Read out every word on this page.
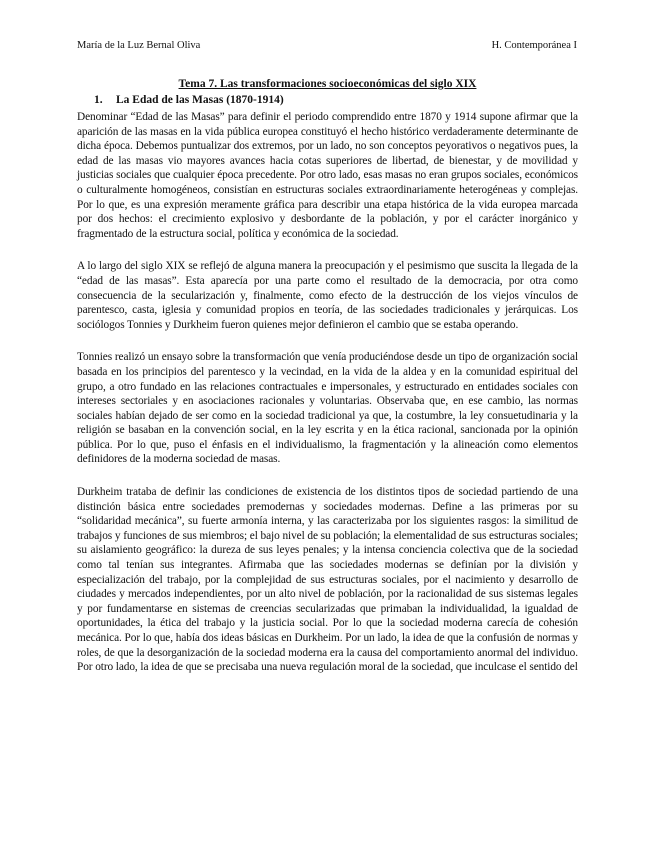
María de la Luz Bernal Oliva	H. Contemporánea I
Tema 7. Las transformaciones socioeconómicas del siglo XIX
1. La Edad de las Masas (1870-1914)

Denominar “Edad de las Masas” para definir el periodo comprendido entre 1870 y 1914 supone afirmar que la aparición de las masas en la vida pública europea constituyó el hecho histórico verdaderamente determinante de dicha época. Debemos puntualizar dos extremos, por un lado, no son conceptos peyorativos o negativos pues, la edad de las masas vio mayores avances hacia cotas superiores de libertad, de bienestar, y de movilidad y justicias sociales que cualquier época precedente. Por otro lado, esas masas no eran grupos sociales, económicos o culturalmente homogéneos, consistían en estructuras sociales extraordinariamente heterogéneas y complejas. Por lo que, es una expresión meramente gráfica para describir una etapa histórica de la vida europea marcada por dos hechos: el crecimiento explosivo y desbordante de la población, y por el carácter inorgánico y fragmentado de la estructura social, política y económica de la sociedad.

A lo largo del siglo XIX se reflejó de alguna manera la preocupación y el pesimismo que suscita la llegada de la “edad de las masas”. Esta aparecía por una parte como el resultado de la democracia, por otra como consecuencia de la secularización y, finalmente, como efecto de la destrucción de los viejos vínculos de parentesco, casta, iglesia y comunidad propios en teoría, de las sociedades tradicionales y jerárquicas. Los sociólogos Tonnies y Durkheim fueron quienes mejor definieron el cambio que se estaba operando.

Tonnies realizó un ensayo sobre la transformación que venía produciéndose desde un tipo de organización social basada en los principios del parentesco y la vecindad, en la vida de la aldea y en la comunidad espiritual del grupo, a otro fundado en las relaciones contractuales e impersonales, y estructurado en entidades sociales con intereses sectoriales y en asociaciones racionales y voluntarias. Observaba que, en ese cambio, las normas sociales habían dejado de ser como en la sociedad tradicional ya que, la costumbre, la ley consuetudinaria y la religión se basaban en la convención social, en la ley escrita y en la ética racional, sancionada por la opinión pública. Por lo que, puso el énfasis en el individualismo, la fragmentación y la alineación como elementos definidores de la moderna sociedad de masas.

Durkheim trataba de definir las condiciones de existencia de los distintos tipos de sociedad partiendo de una distinción básica entre sociedades premodernas y sociedades modernas. Define a las primeras por su “solidaridad mecánica”, su fuerte armonía interna, y las caracterizaba por los siguientes rasgos: la similitud de trabajos y funciones de sus miembros; el bajo nivel de su población; la elementalidad de sus estructuras sociales; su aislamiento geográfico: la dureza de sus leyes penales; y la intensa conciencia colectiva que de la sociedad como tal tenían sus integrantes. Afirmaba que las sociedades modernas se definían por la división y especialización del trabajo, por la complejidad de sus estructuras sociales, por el nacimiento y desarrollo de ciudades y mercados independientes, por un alto nivel de población, por la racionalidad de sus sistemas legales y por fundamentarse en sistemas de creencias secularizadas que primaban la individualidad, la igualdad de oportunidades, la ética del trabajo y la justicia social. Por lo que la sociedad moderna carecía de cohesión mecánica. Por lo que, había dos ideas básicas en Durkheim. Por un lado, la idea de que la confusión de normas y roles, de que la desorganización de la sociedad moderna era la causa del comportamiento anormal del individuo. Por otro lado, la idea de que se precisaba una nueva regulación moral de la sociedad, que inculcase el sentido del
